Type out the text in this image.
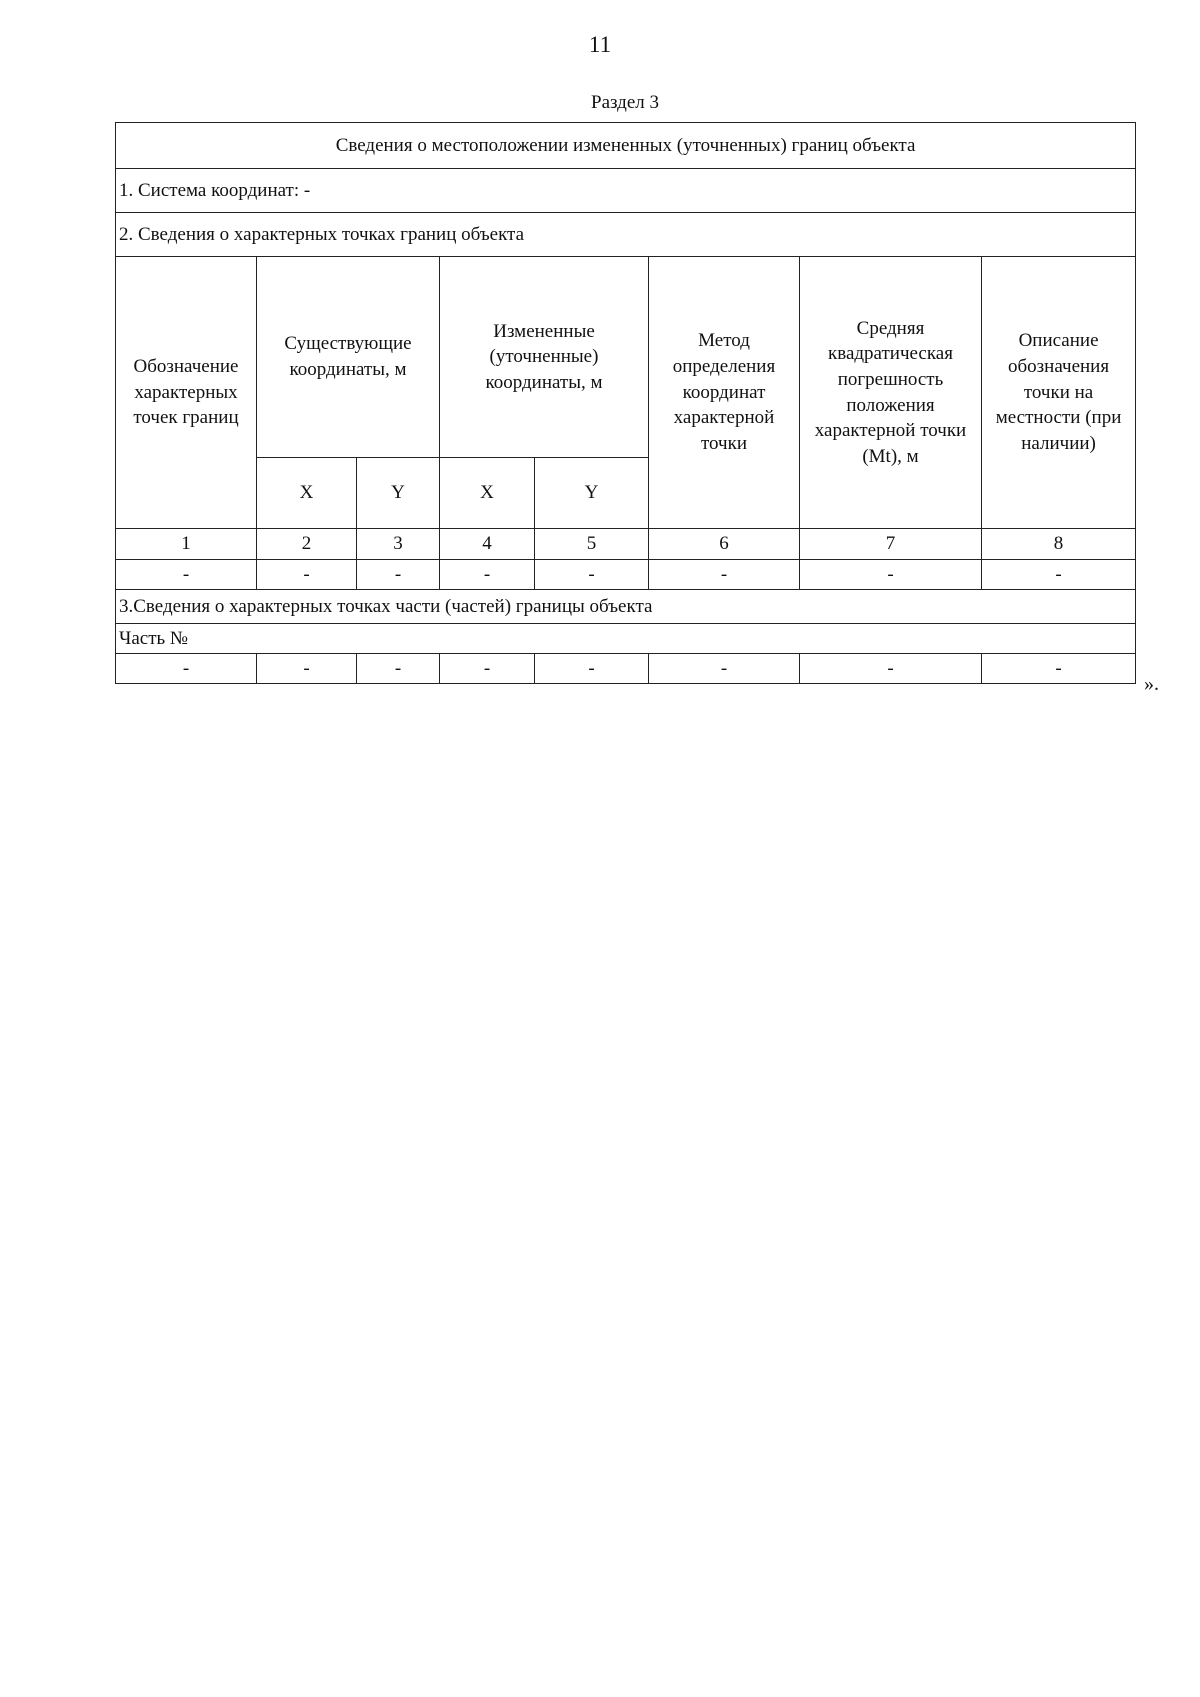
11
Раздел 3
Сведения о местоположении измененных (уточненных) границ объекта							
1. Система координат: -							
2. Сведения о характерных точках границ объекта							
Обозначение характерных точек границ	Существующие координаты, м		Измененные (уточненные) координаты, м		Метод определения координат характерной точки	Средняя квадратическая погрешность положения характерной точки (Mt), м	Описание обозначения точки на местности (при наличии)
	X	Y	X	Y			
1	2	3	4	5	6	7	8
-	-	-	-	-	-	-	-
3.Сведения о характерных точках части (частей) границы объекта							
Часть №							
-	-	-	-	-	-	-	-
».
